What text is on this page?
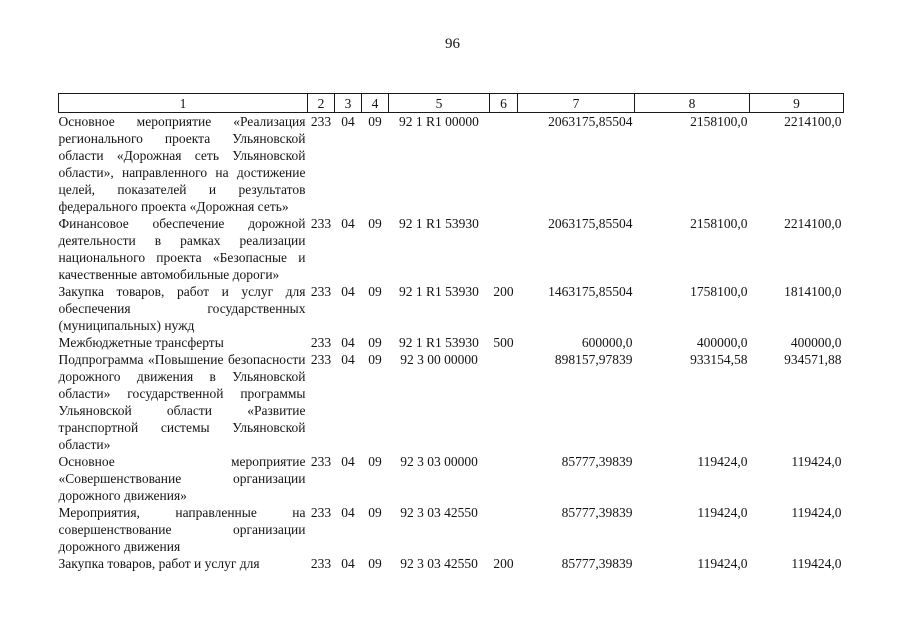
96
1	2	3	4	5	6	7	8	9
Основное мероприятие «Реализация регионального проекта Ульяновской области «Дорожная сеть Ульяновской области», направленного на достижение целей, показателей и результатов федерального проекта «Дорожная сеть»	233	04	09	92 1 R1 00000		2063175,85504	2158100,0	2214100,0
Финансовое обеспечение дорожной деятельности в рамках реализации национального проекта «Безопасные и качественные автомобильные дороги»	233	04	09	92 1 R1 53930		2063175,85504	2158100,0	2214100,0
Закупка товаров, работ и услуг для обеспечения государственных (муниципальных) нужд	233	04	09	92 1 R1 53930	200	1463175,85504	1758100,0	1814100,0
Межбюджетные трансферты	233	04	09	92 1 R1 53930	500	600000,0	400000,0	400000,0
Подпрограмма «Повышение безопасности дорожного движения в Ульяновской области» государственной программы Ульяновской области «Развитие транспортной системы Ульяновской области»	233	04	09	92 3 00 00000		898157,97839	933154,58	934571,88
Основное мероприятие «Совершенствование организации дорожного движения»	233	04	09	92 3 03 00000		85777,39839	119424,0	119424,0
Мероприятия, направленные на совершенствование организации дорожного движения	233	04	09	92 3 03 42550		85777,39839	119424,0	119424,0
Закупка товаров, работ и услуг для	233	04	09	92 3 03 42550	200	85777,39839	119424,0	119424,0
